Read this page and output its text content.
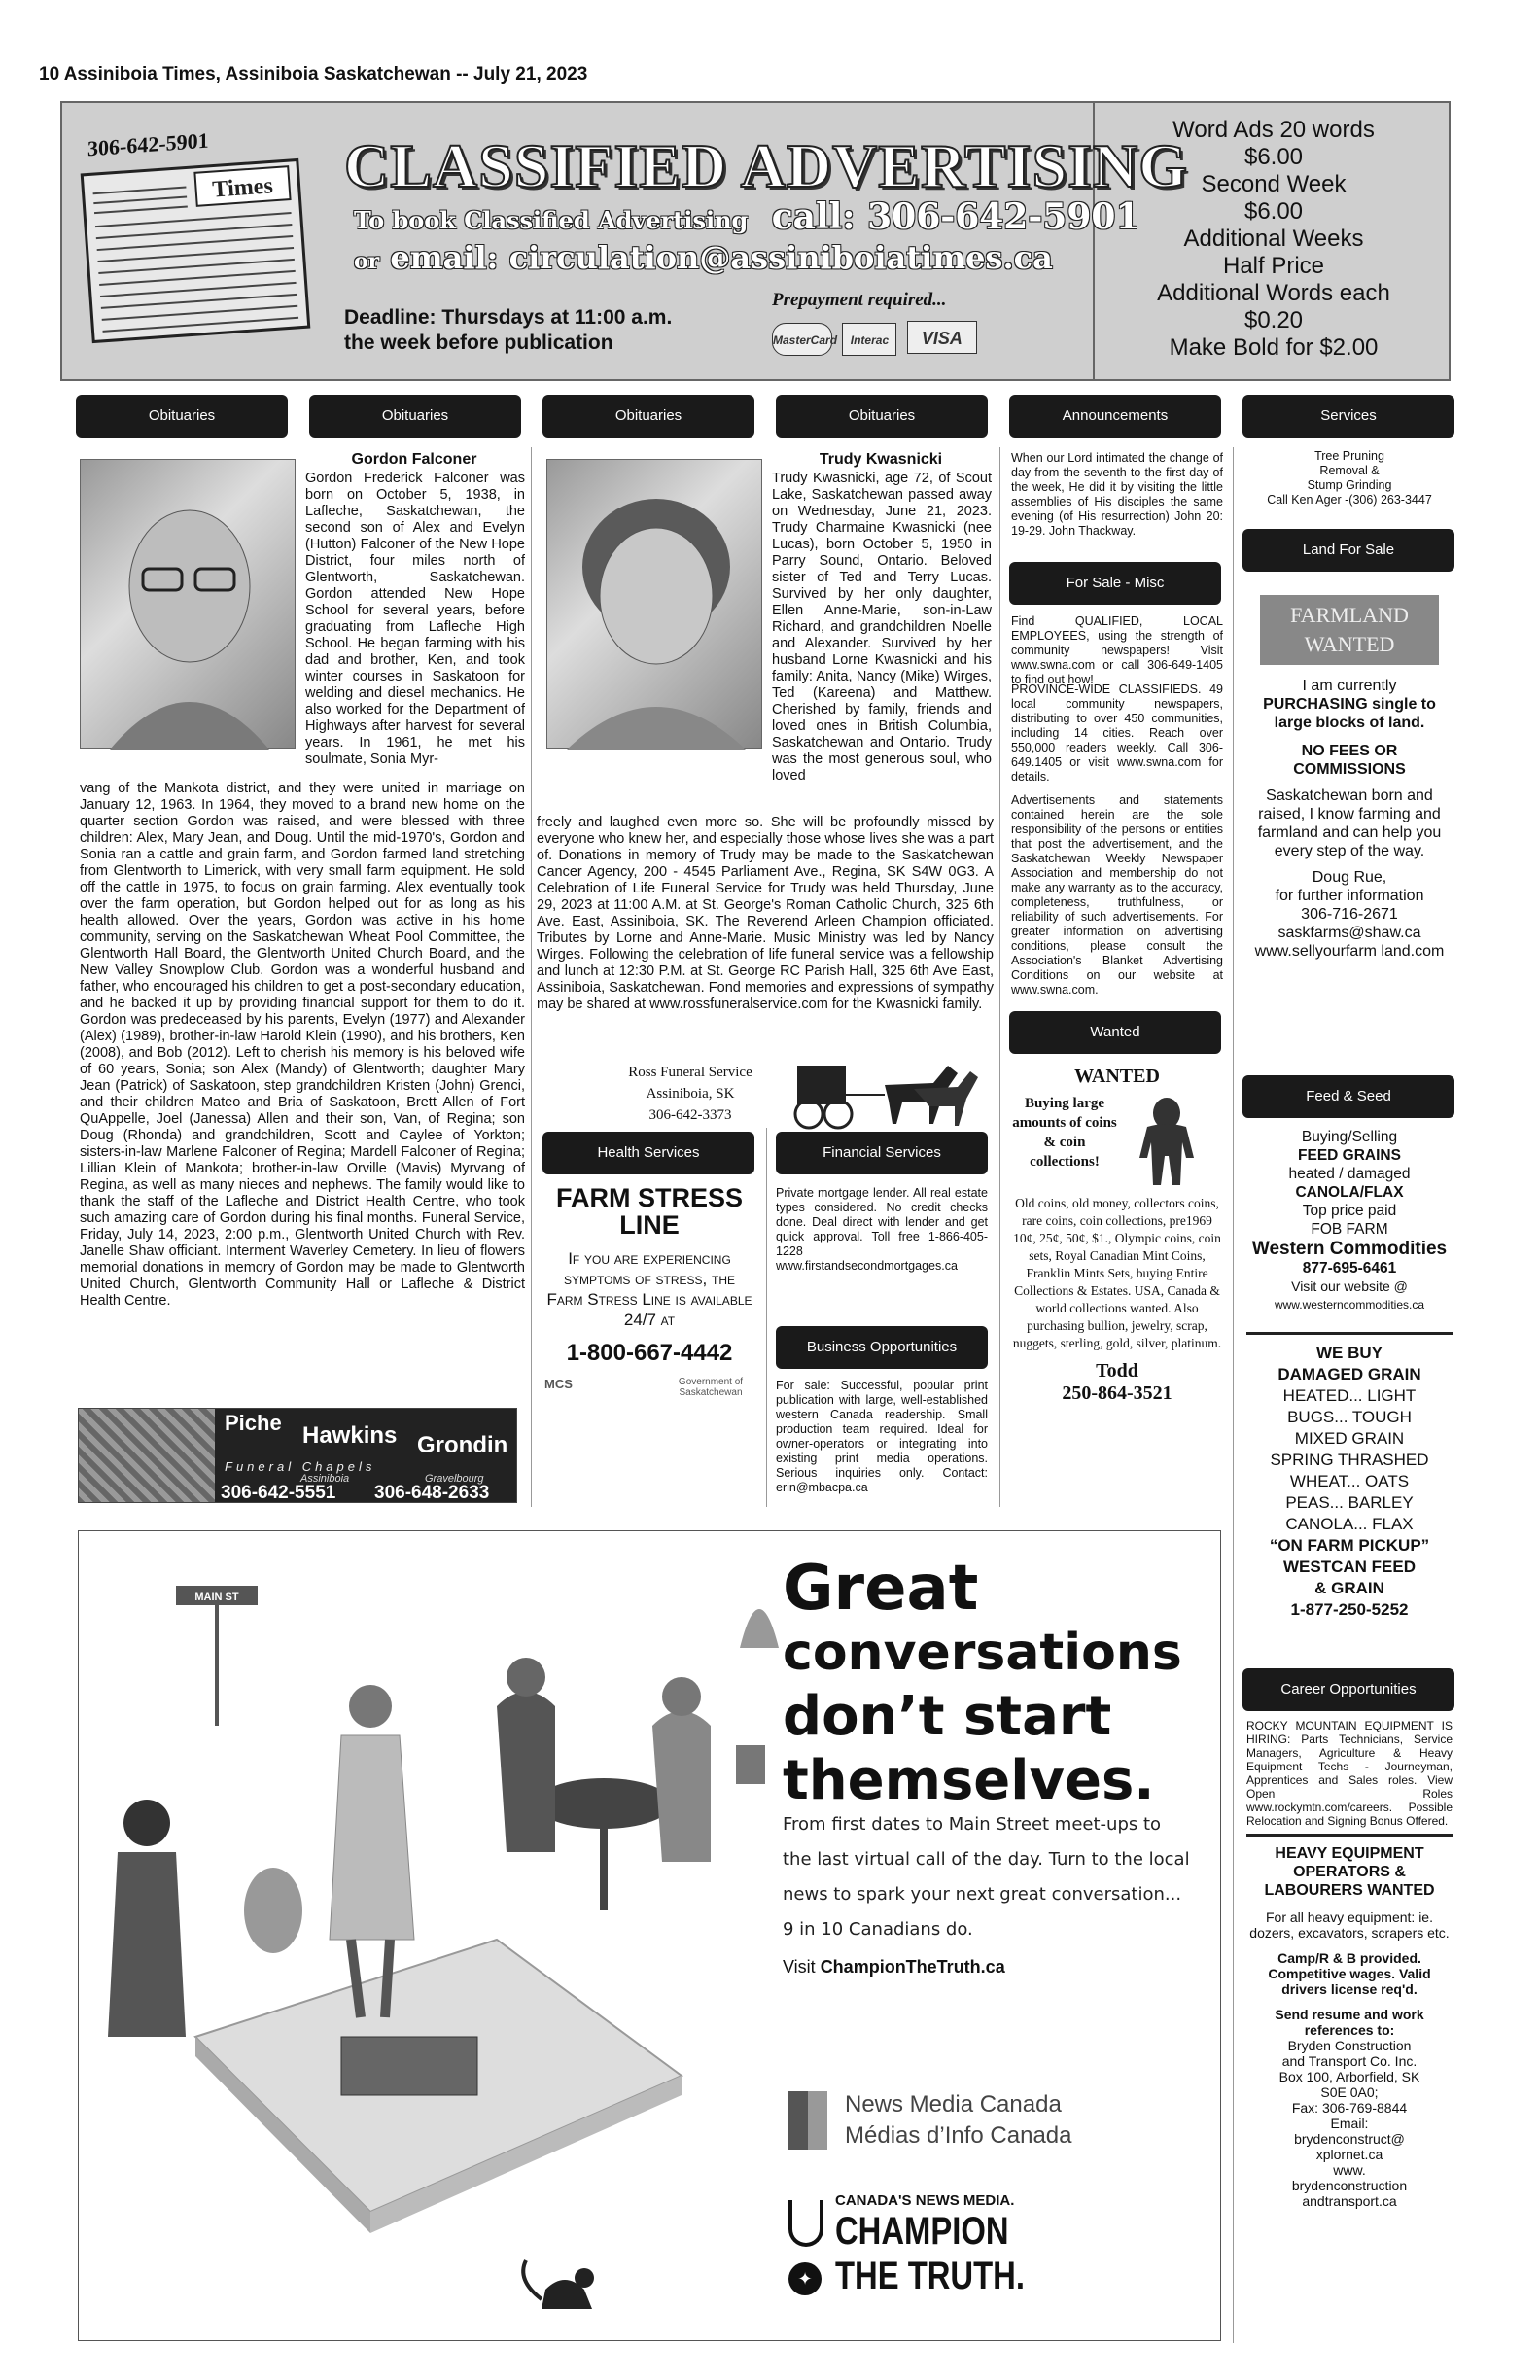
10 Assiniboia Times, Assiniboia Saskatchewan -- July 21, 2023
306-642-5901
Times CLASSIFIED ADVERTISING
To book Classified Advertising call: 306-642-5901
or email: circulation@assiniboiatimes.ca
Deadline: Thursdays at 11:00 a.m.
the week before publication
Prepayment required...
MasterCard Interac VISA
Word Ads 20 words
$6.00
Second Week
$6.00
Additional Weeks
Half Price
Additional Words each
$0.20
Make Bold for $2.00
Obituaries	Obituaries	Obituaries	Obituaries	Announcements	Services
Gordon Falconer
Gordon Frederick Falconer was born on October 5, 1938, in Lafleche, Saskatchewan, the second son of Alex and Evelyn (Hutton) Falconer of the New Hope District, four miles north of Glentworth, Saskatchewan. Gordon attended New Hope School for several years, before graduating from Lafleche High School. He began farming with his dad and brother, Ken, and took winter courses in Saskatoon for welding and diesel mechanics. He also worked for the Department of Highways after harvest for several years. In 1961, he met his soulmate, Sonia Myr-
vang of the Mankota district, and they were united in marriage on January 12, 1963. In 1964, they moved to a brand new home on the quarter section Gordon was raised, and were blessed with three children: Alex, Mary Jean, and Doug. Until the mid-1970's, Gordon and Sonia ran a cattle and grain farm, and Gordon farmed land stretching from Glentworth to Limerick, with very small farm equipment. He sold off the cattle in 1975, to focus on grain farming. Alex eventually took over the farm operation, but Gordon helped out for as long as his health allowed. Over the years, Gordon was active in his home community, serving on the Saskatchewan Wheat Pool Committee, the Glentworth Hall Board, the Glentworth United Church Board, and the New Valley Snowplow Club. Gordon was a wonderful husband and father, who encouraged his children to get a post-secondary education, and he backed it up by providing financial support for them to do it. Gordon was predeceased by his parents, Evelyn (1977) and Alexander (Alex) (1989), brother-in-law Harold Klein (1990), and his brothers, Ken (2008), and Bob (2012). Left to cherish his memory is his beloved wife of 60 years, Sonia; son Alex (Mandy) of Glentworth; daughter Mary Jean (Patrick) of Saskatoon, step grandchildren Kristen (John) Grenci, and their children Mateo and Bria of Saskatoon, Brett Allen of Fort QuAppelle, Joel (Janessa) Allen and their son, Van, of Regina; son Doug (Rhonda) and grandchildren, Scott and Caylee of Yorkton; sisters-in-law Marlene Falconer of Regina; Mardell Falconer of Regina; Lillian Klein of Mankota; brother-in-law Orville (Mavis) Myrvang of Regina, as well as many nieces and nephews. The family would like to thank the staff of the Lafleche and District Health Centre, who took such amazing care of Gordon during his final months. Funeral Service, Friday, July 14, 2023, 2:00 p.m., Glentworth United Church with Rev. Janelle Shaw officiant. Interment Waverley Cemetery. In lieu of flowers memorial donations in memory of Gordon may be made to Glentworth United Church, Glentworth Community Hall or Lafleche & District Health Centre.
Piche Hawkins Grondin
Funeral Chapels
Assiniboia	Gravelbourg
306-642-5551 306-648-2633
Trudy Kwasnicki
Trudy Kwasnicki, age 72, of Scout Lake, Saskatchewan passed away on Wednesday, June 21, 2023. Trudy Charmaine Kwasnicki (nee Lucas), born October 5, 1950 in Parry Sound, Ontario. Beloved sister of Ted and Terry Lucas. Survived by her only daughter, Ellen Anne-Marie, son-in-Law Richard, and grandchildren Noelle and Alexander. Survived by her husband Lorne Kwasnicki and his family: Anita, Nancy (Mike) Wirges, Ted (Kareena) and Matthew. Cherished by family, friends and loved ones in British Columbia, Saskatchewan and Ontario. Trudy was the most generous soul, who loved
freely and laughed even more so. She will be profoundly missed by everyone who knew her, and especially those whose lives she was a part of. Donations in memory of Trudy may be made to the Saskatchewan Cancer Agency, 200 - 4545 Parliament Ave., Regina, SK S4W 0G3. A Celebration of Life Funeral Service for Trudy was held Thursday, June 29, 2023 at 11:00 A.M. at St. George's Roman Catholic Church, 325 6th Ave. East, Assiniboia, SK. The Reverend Arleen Champion officiated. Tributes by Lorne and Anne-Marie. Music Ministry was led by Nancy Wirges. Following the celebration of life funeral service was a fellowship and lunch at 12:30 P.M. at St. George RC Parish Hall, 325 6th Ave East, Assiniboia, Saskatchewan. Fond memories and expressions of sympathy may be shared at www.rossfuneralservice.com for the Kwasnicki family.
Ross Funeral Service
Assiniboia, SK
306-642-3373
Health Services
FARM STRESS LINE
If you are experiencing symptoms of stress, the Farm Stress Line is available 24/7 at
1-800-667-4442
MCS	Government of Saskatchewan
Financial Services
Private mortgage lender. All real estate types considered. No credit checks done. Deal direct with lender and get quick approval. Toll free 1-866-405-1228 www.firstandsecondmortgages.ca
Business Opportunities
For sale: Successful, popular print publication with large, well-established western Canada readership. Small production team required. Ideal for owner-operators or integrating into existing print media operations. Serious inquiries only. Contact: erin@mbacpa.ca
When our Lord intimated the change of day from the seventh to the first day of the week, He did it by visiting the little assemblies of His disciples the same evening (of His resurrection) John 20: 19-29. John Thackway.
For Sale - Misc
Find QUALIFIED, LOCAL EMPLOYEES, using the strength of community newspapers! Visit www.swna.com or call 306-649-1405 to find out how!
PROVINCE-WIDE CLASSIFIEDS. 49 local community newspapers, distributing to over 450 communities, including 14 cities. Reach over 550,000 readers weekly. Call 306-649.1405 or visit www.swna.com for details.
Advertisements and statements contained herein are the sole responsibility of the persons or entities that post the advertisement, and the Saskatchewan Weekly Newspaper Association and membership do not make any warranty as to the accuracy, completeness, truthfulness, or reliability of such advertisements. For greater information on advertising conditions, please consult the Association's Blanket Advertising Conditions on our website at www.swna.com.
Wanted
WANTED
Buying large amounts of coins & coin collections!
Old coins, old money, collectors coins, rare coins, coin collections, pre1969 10¢, 25¢, 50¢, $1., Olympic coins, coin sets, Royal Canadian Mint Coins, Franklin Mints Sets, buying Entire Collections & Estates. USA, Canada & world collections wanted. Also purchasing bullion, jewelry, scrap, nuggets, sterling, gold, silver, platinum.
Todd
250-864-3521
Tree Pruning
Removal &
Stump Grinding
Call Ken Ager -(306) 263-3447
Land For Sale
FARMLAND WANTED
I am currently
PURCHASING single to large blocks of land.
NO FEES OR COMMISSIONS
Saskatchewan born and raised, I know farming and farmland and can help you every step of the way.
Doug Rue,
for further information
306-716-2671
saskfarms@shaw.ca
www.sellyourfarm land.com
Feed & Seed
Buying/Selling
FEED GRAINS
heated / damaged
CANOLA/FLAX
Top price paid
FOB FARM
Western Commodities
877-695-6461
Visit our website @
www.westerncommodities.ca
WE BUY
DAMAGED GRAIN
HEATED... LIGHT
BUGS... TOUGH
MIXED GRAIN
SPRING THRASHED
WHEAT... OATS
PEAS... BARLEY
CANOLA... FLAX
“ON FARM PICKUP”
WESTCAN FEED
& GRAIN
1-877-250-5252
Career Opportunities
ROCKY MOUNTAIN EQUIPMENT IS HIRING: Parts Technicians, Service Managers, Agriculture & Heavy Equipment Techs - Journeyman, Apprentices and Sales roles. View Open Roles www.rockymtn.com/careers. Possible Relocation and Signing Bonus Offered.
HEAVY EQUIPMENT OPERATORS & LABOURERS WANTED
For all heavy equipment: ie. dozers, excavators, scrapers etc.
Camp/R & B provided. Competitive wages. Valid drivers license req'd.
Send resume and work references to:
Bryden Construction
and Transport Co. Inc.
Box 100, Arborfield, SK
S0E 0A0;
Fax: 306-769-8844
Email:
brydenconstruct@
xplornet.ca
www.
brydenconstruction
andtransport.ca
MAIN ST	Great
conversations
don’t start
themselves.
From first dates to Main Street meet-ups to the last virtual call of the day. Turn to the local news to spark your next great conversation... 9 in 10 Canadians do.
Visit ChampionTheTruth.ca
News Media Canada
Médias d’Info Canada
✦
CANADA'S NEWS MEDIA.
CHAMPION
THE TRUTH.
